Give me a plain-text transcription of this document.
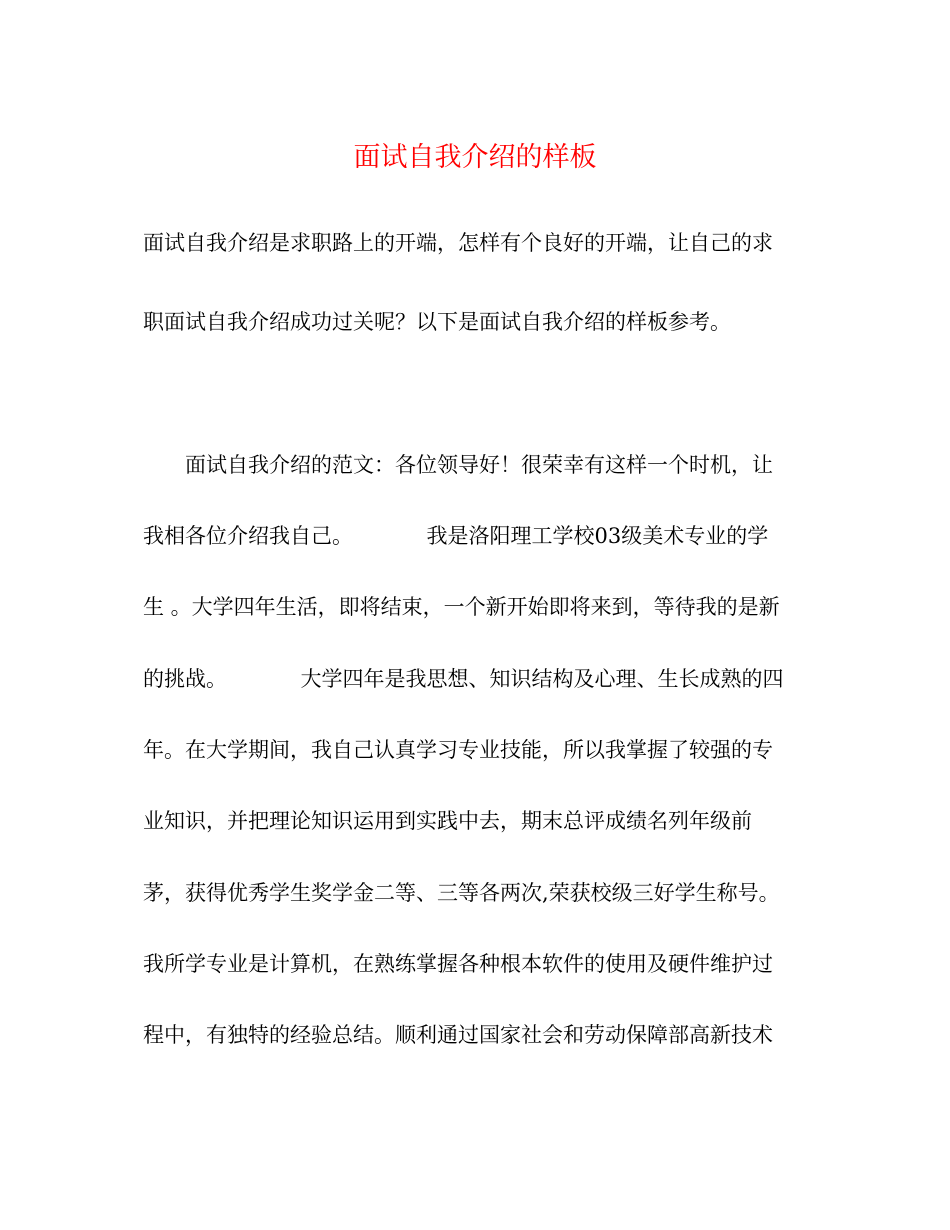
面试自我介绍的样板
面试自我介绍是求职路上的开端，怎样有个良好的开端，让自己的求
职面试自我介绍成功过关呢？以下是面试自我介绍的样板参考。
　　面试自我介绍的范文：各位领导好！很荣幸有这样一个时机，让
我相各位介绍我自己。　　　　我是洛阳理工学校03级美术专业的学
生 。大学四年生活，即将结束，一个新开始即将来到，等待我的是新
的挑战。　　　　大学四年是我思想、知识结构及心理、生长成熟的四
年。在大学期间，我自己认真学习专业技能，所以我掌握了较强的专
业知识，并把理论知识运用到实践中去，期末总评成绩名列年级前
茅，获得优秀学生奖学金二等、三等各两次,荣获校级三好学生称号。
我所学专业是计算机，在熟练掌握各种根本软件的使用及硬件维护过
程中，有独特的经验总结。顺利通过国家社会和劳动保障部高新技术
